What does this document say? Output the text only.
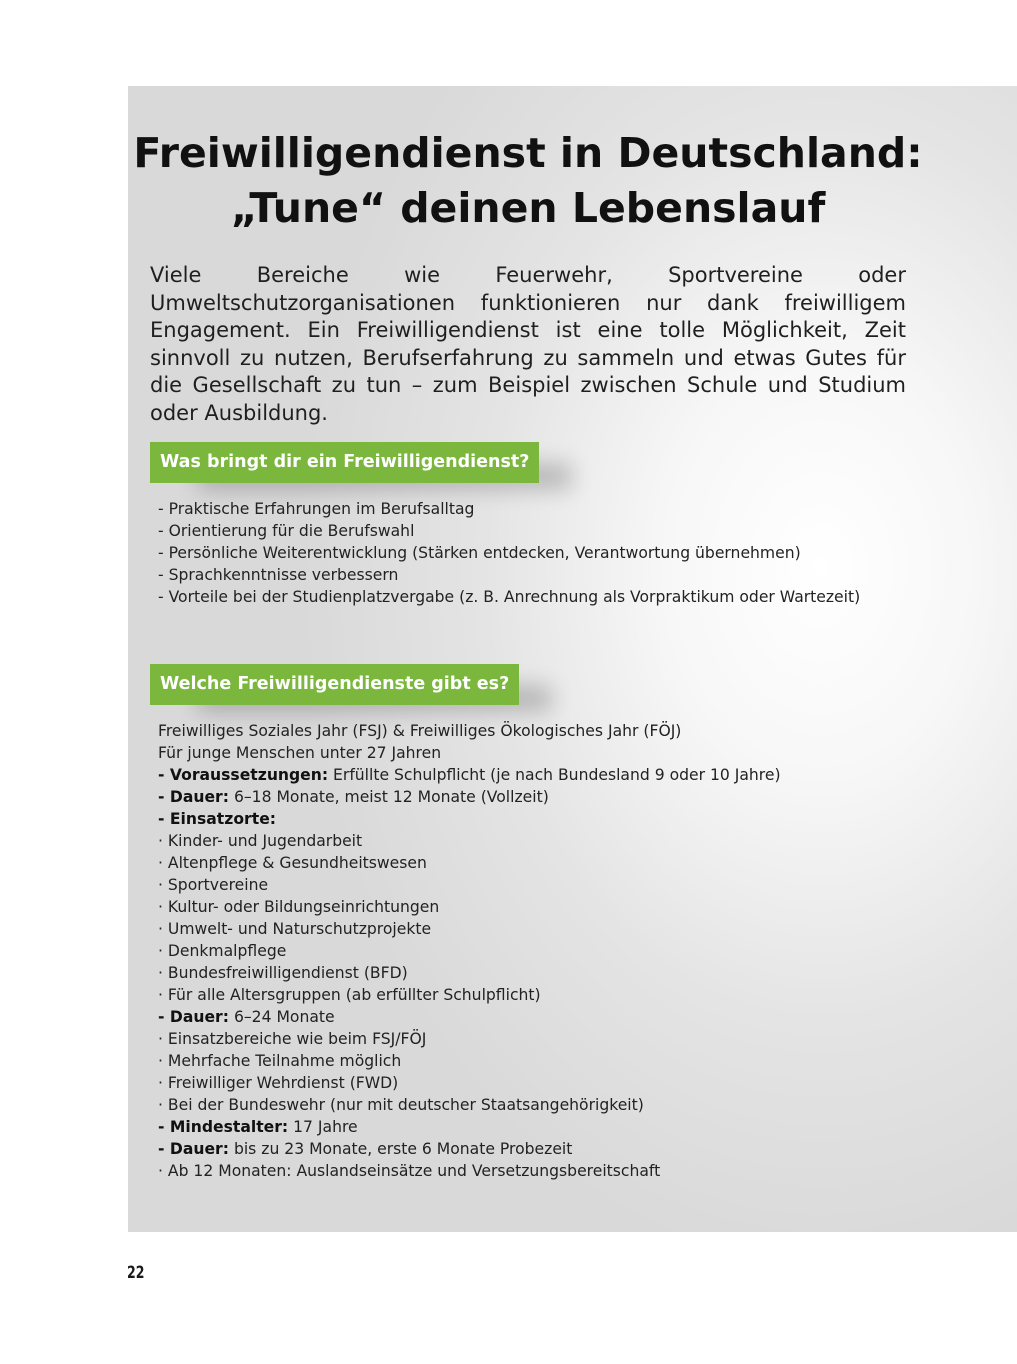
Freiwilligendienst in Deutschland:
„Tune“ deinen Lebenslauf

Viele Bereiche wie Feuerwehr, Sportvereine oder Umweltschutzorganisationen funktionieren nur dank freiwilligem Engagement. Ein Freiwilligendienst ist eine tolle Möglichkeit, Zeit sinnvoll zu nutzen, Berufserfahrung zu sammeln und etwas Gutes für die Gesellschaft zu tun – zum Beispiel zwischen Schule und Studium oder Ausbildung.

Was bringt dir ein Freiwilligendienst?
- Praktische Erfahrungen im Berufsalltag
- Orientierung für die Berufswahl
- Persönliche Weiterentwicklung (Stärken entdecken, Verantwortung übernehmen)
- Sprachkenntnisse verbessern
- Vorteile bei der Studienplatzvergabe (z. B. Anrechnung als Vorpraktikum oder Wartezeit)
Welche Freiwilligendienste gibt es?
Freiwilliges Soziales Jahr (FSJ) & Freiwilliges Ökologisches Jahr (FÖJ)
Für junge Menschen unter 27 Jahren
- Voraussetzungen: Erfüllte Schulpflicht (je nach Bundesland 9 oder 10 Jahre)
- Dauer: 6–18 Monate, meist 12 Monate (Vollzeit)
- Einsatzorte:
· Kinder- und Jugendarbeit
· Altenpflege & Gesundheitswesen
· Sportvereine
· Kultur- oder Bildungseinrichtungen
· Umwelt- und Naturschutzprojekte
· Denkmalpflege
· Bundesfreiwilligendienst (BFD)
· Für alle Altersgruppen (ab erfüllter Schulpflicht)
- Dauer: 6–24 Monate
· Einsatzbereiche wie beim FSJ/FÖJ
· Mehrfache Teilnahme möglich
· Freiwilliger Wehrdienst (FWD)
· Bei der Bundeswehr (nur mit deutscher Staatsangehörigkeit)
- Mindestalter: 17 Jahre
- Dauer: bis zu 23 Monate, erste 6 Monate Probezeit
· Ab 12 Monaten: Auslandseinsätze und Versetzungsbereitschaft
22
